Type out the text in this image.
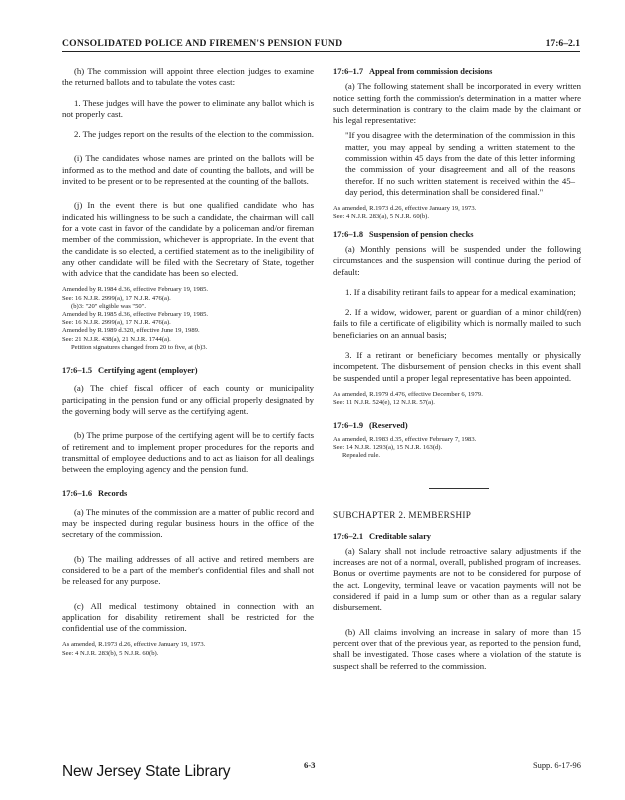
CONSOLIDATED POLICE AND FIREMEN'S PENSION FUND	17:6–2.1

(h) The commission will appoint three election judges to examine the returned ballots and to tabulate the votes cast:

1. These judges will have the power to eliminate any ballot which is not properly cast.

2. The judges report on the results of the election to the commission.

(i) The candidates whose names are printed on the ballots will be informed as to the method and date of counting the ballots, and will be invited to be present or to be represented at the counting of the ballots.

(j) In the event there is but one qualified candidate who has indicated his willingness to be such a candidate, the chairman will call for a vote cast in favor of the candidate by a policeman and/or fireman member of the commission, whichever is appropriate. In the event that the candidate is so elected, a certified statement as to the ineligibility of any other candidate will be filed with the Secretary of State, together with advice that the candidate has been so elected.

Amended by R.1984 d.36, effective February 19, 1985.
See: 16 N.J.R. 2999(a), 17 N.J.R. 476(a).
(b)3: "20" eligible was "50".
Amended by R.1985 d.36, effective February 19, 1985.
See: 16 N.J.R. 2999(a), 17 N.J.R. 476(a).
Amended by R.1989 d.320, effective June 19, 1989.
See: 21 N.J.R. 438(a), 21 N.J.R. 1744(a).
Petition signatures changed from 20 to five, at (b)3.
17:6–1.5 Certifying agent (employer)

(a) The chief fiscal officer of each county or municipality participating in the pension fund or any official properly designated by the governing body will serve as the certifying agent.

(b) The prime purpose of the certifying agent will be to certify facts of retirement and to implement proper procedures for the reports and transmittal of employee deductions and to act as liaison for all dealings between the employing agency and the pension fund.

17:6–1.6 Records

(a) The minutes of the commission are a matter of public record and may be inspected during regular business hours in the office of the secretary of the commission.

(b) The mailing addresses of all active and retired members are considered to be a part of the member's confidential files and shall not be released for any purpose.

(c) All medical testimony obtained in connection with an application for disability retirement shall be restricted for the confidential use of the commission.

As amended, R.1973 d.26, effective January 19, 1973.
See: 4 N.J.R. 283(b), 5 N.J.R. 60(b).
17:6–1.7 Appeal from commission decisions

(a) The following statement shall be incorporated in every written notice setting forth the commission's determination in a matter where such determination is contrary to the claim made by the claimant or his legal representative:

"If you disagree with the determination of the commission in this matter, you may appeal by sending a written statement to the commission within 45 days from the date of this letter informing the commission of your disagreement and all of the reasons therefor. If no such written statement is received within the 45–day period, this determination shall be considered final."

As amended, R.1973 d.26, effective January 19, 1973.
See: 4 N.J.R. 283(a), 5 N.J.R. 60(b).
17:6–1.8 Suspension of pension checks

(a) Monthly pensions will be suspended under the following circumstances and the suspension will continue during the period of default:

1. If a disability retirant fails to appear for a medical examination;

2. If a widow, widower, parent or guardian of a minor child(ren) fails to file a certificate of eligibility which is normally mailed to such beneficiaries on an annual basis;

3. If a retirant or beneficiary becomes mentally or physically incompetent. The disbursement of pension checks in this event shall be suspended until a proper legal representative has been appointed.

As amended, R.1979 d.476, effective December 6, 1979.
See: 11 N.J.R. 524(e), 12 N.J.R. 57(a).
17:6–1.9 (Reserved)
As amended, R.1983 d.35, effective February 7, 1983.
See: 14 N.J.R. 1293(a), 15 N.J.R. 163(d).
Repealed rule.
SUBCHAPTER 2. MEMBERSHIP
17:6–2.1 Creditable salary

(a) Salary shall not include retroactive salary adjustments if the increases are not of a normal, overall, published program of increases. Bonus or overtime payments are not to be considered for purpose of the act. Longevity, terminal leave or vacation payments will not be considered if paid in a lump sum or other than as a regular salary disbursement.

(b) All claims involving an increase in salary of more than 15 percent over that of the previous year, as reported to the pension fund, shall be investigated. Those cases where a violation of the statute is suspect shall be referred to the commission.

New Jersey State Library	6-3	Supp. 6-17-96
